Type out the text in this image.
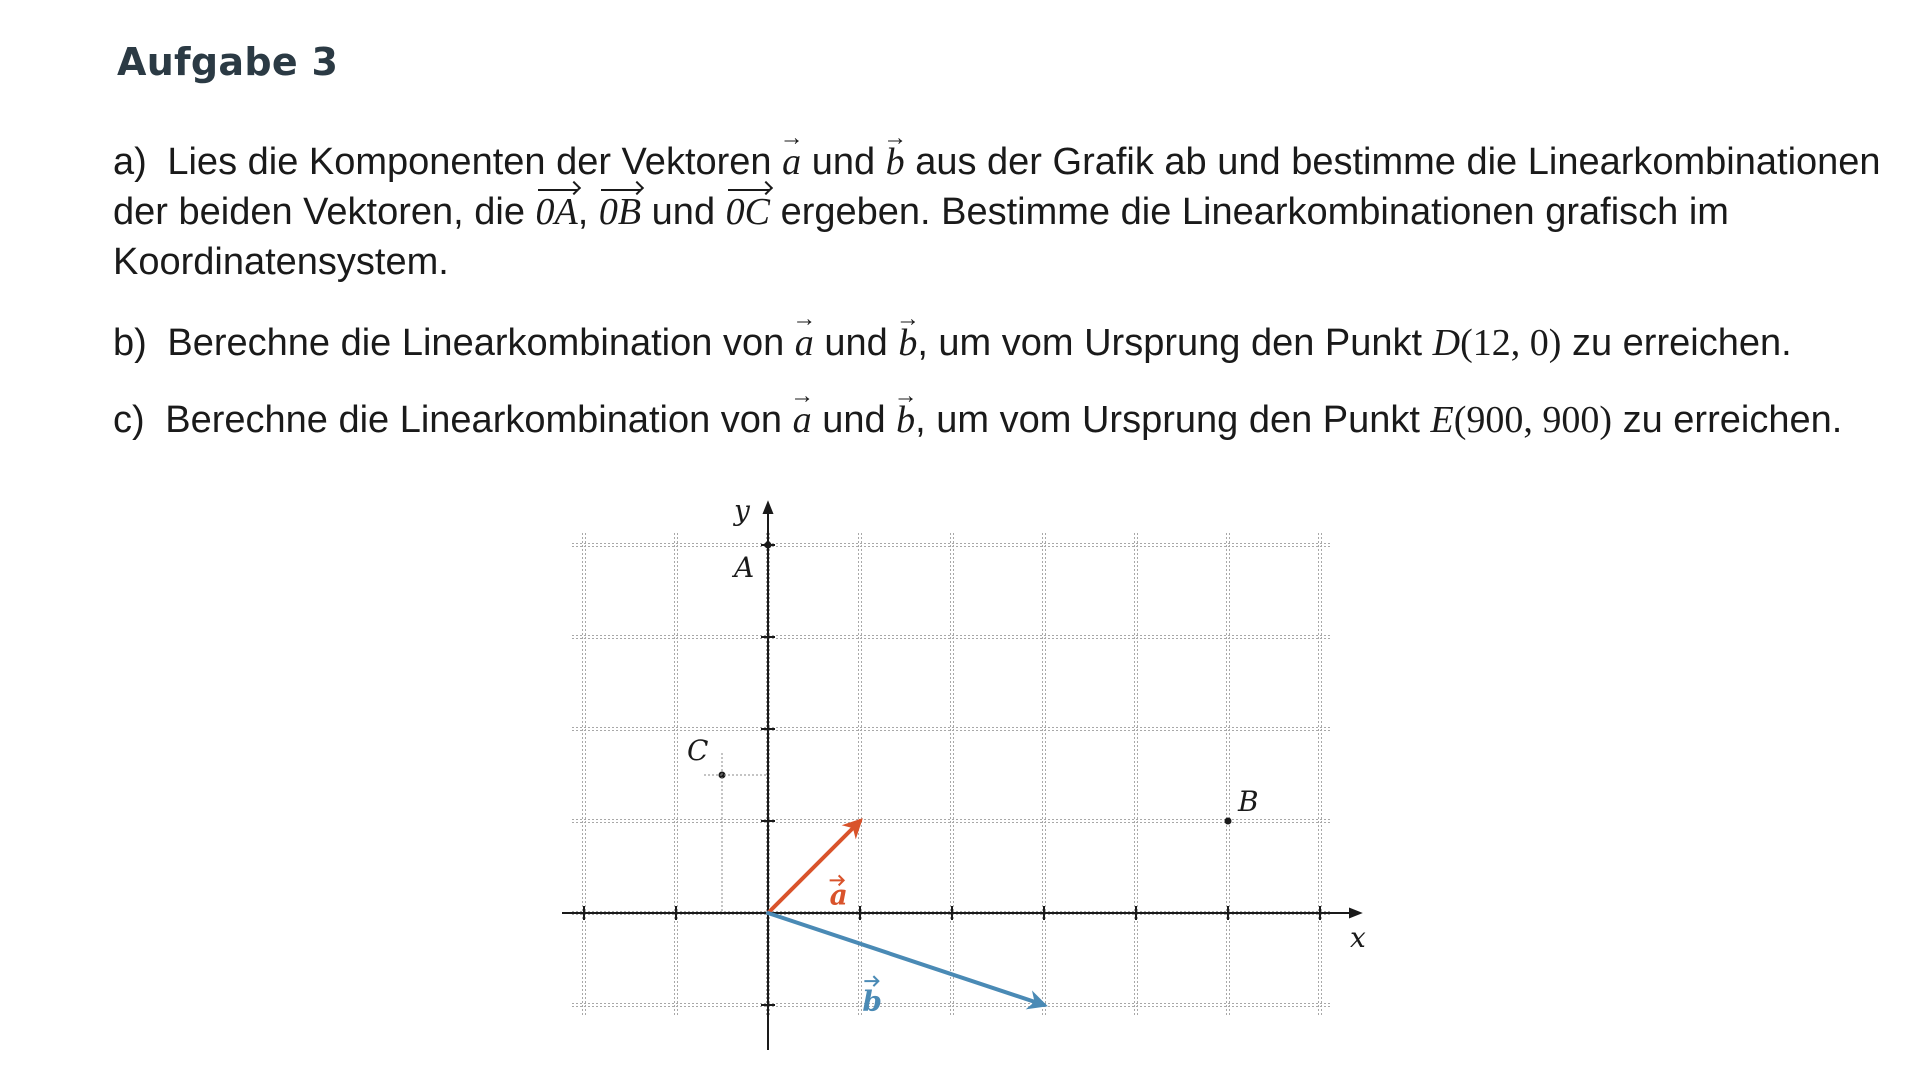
Aufgabe 3
a) Lies die Komponenten der Vektoren → a und → b aus der Grafik ab und bestimme die Linearkombinationen der beiden Vektoren, die 0A, 0B und 0C ergeben. Bestimme die Linearkombinationen grafisch im Koordinatensystem.
b) Berechne die Linearkombination von → a und → b, um vom Ursprung den Punkt D(12, 0) zu erreichen.
c) Berechne die Linearkombination von → a und → b, um vom Ursprung den Punkt E(900, 900) zu erreichen.
x
y
a
b
A
B
C
